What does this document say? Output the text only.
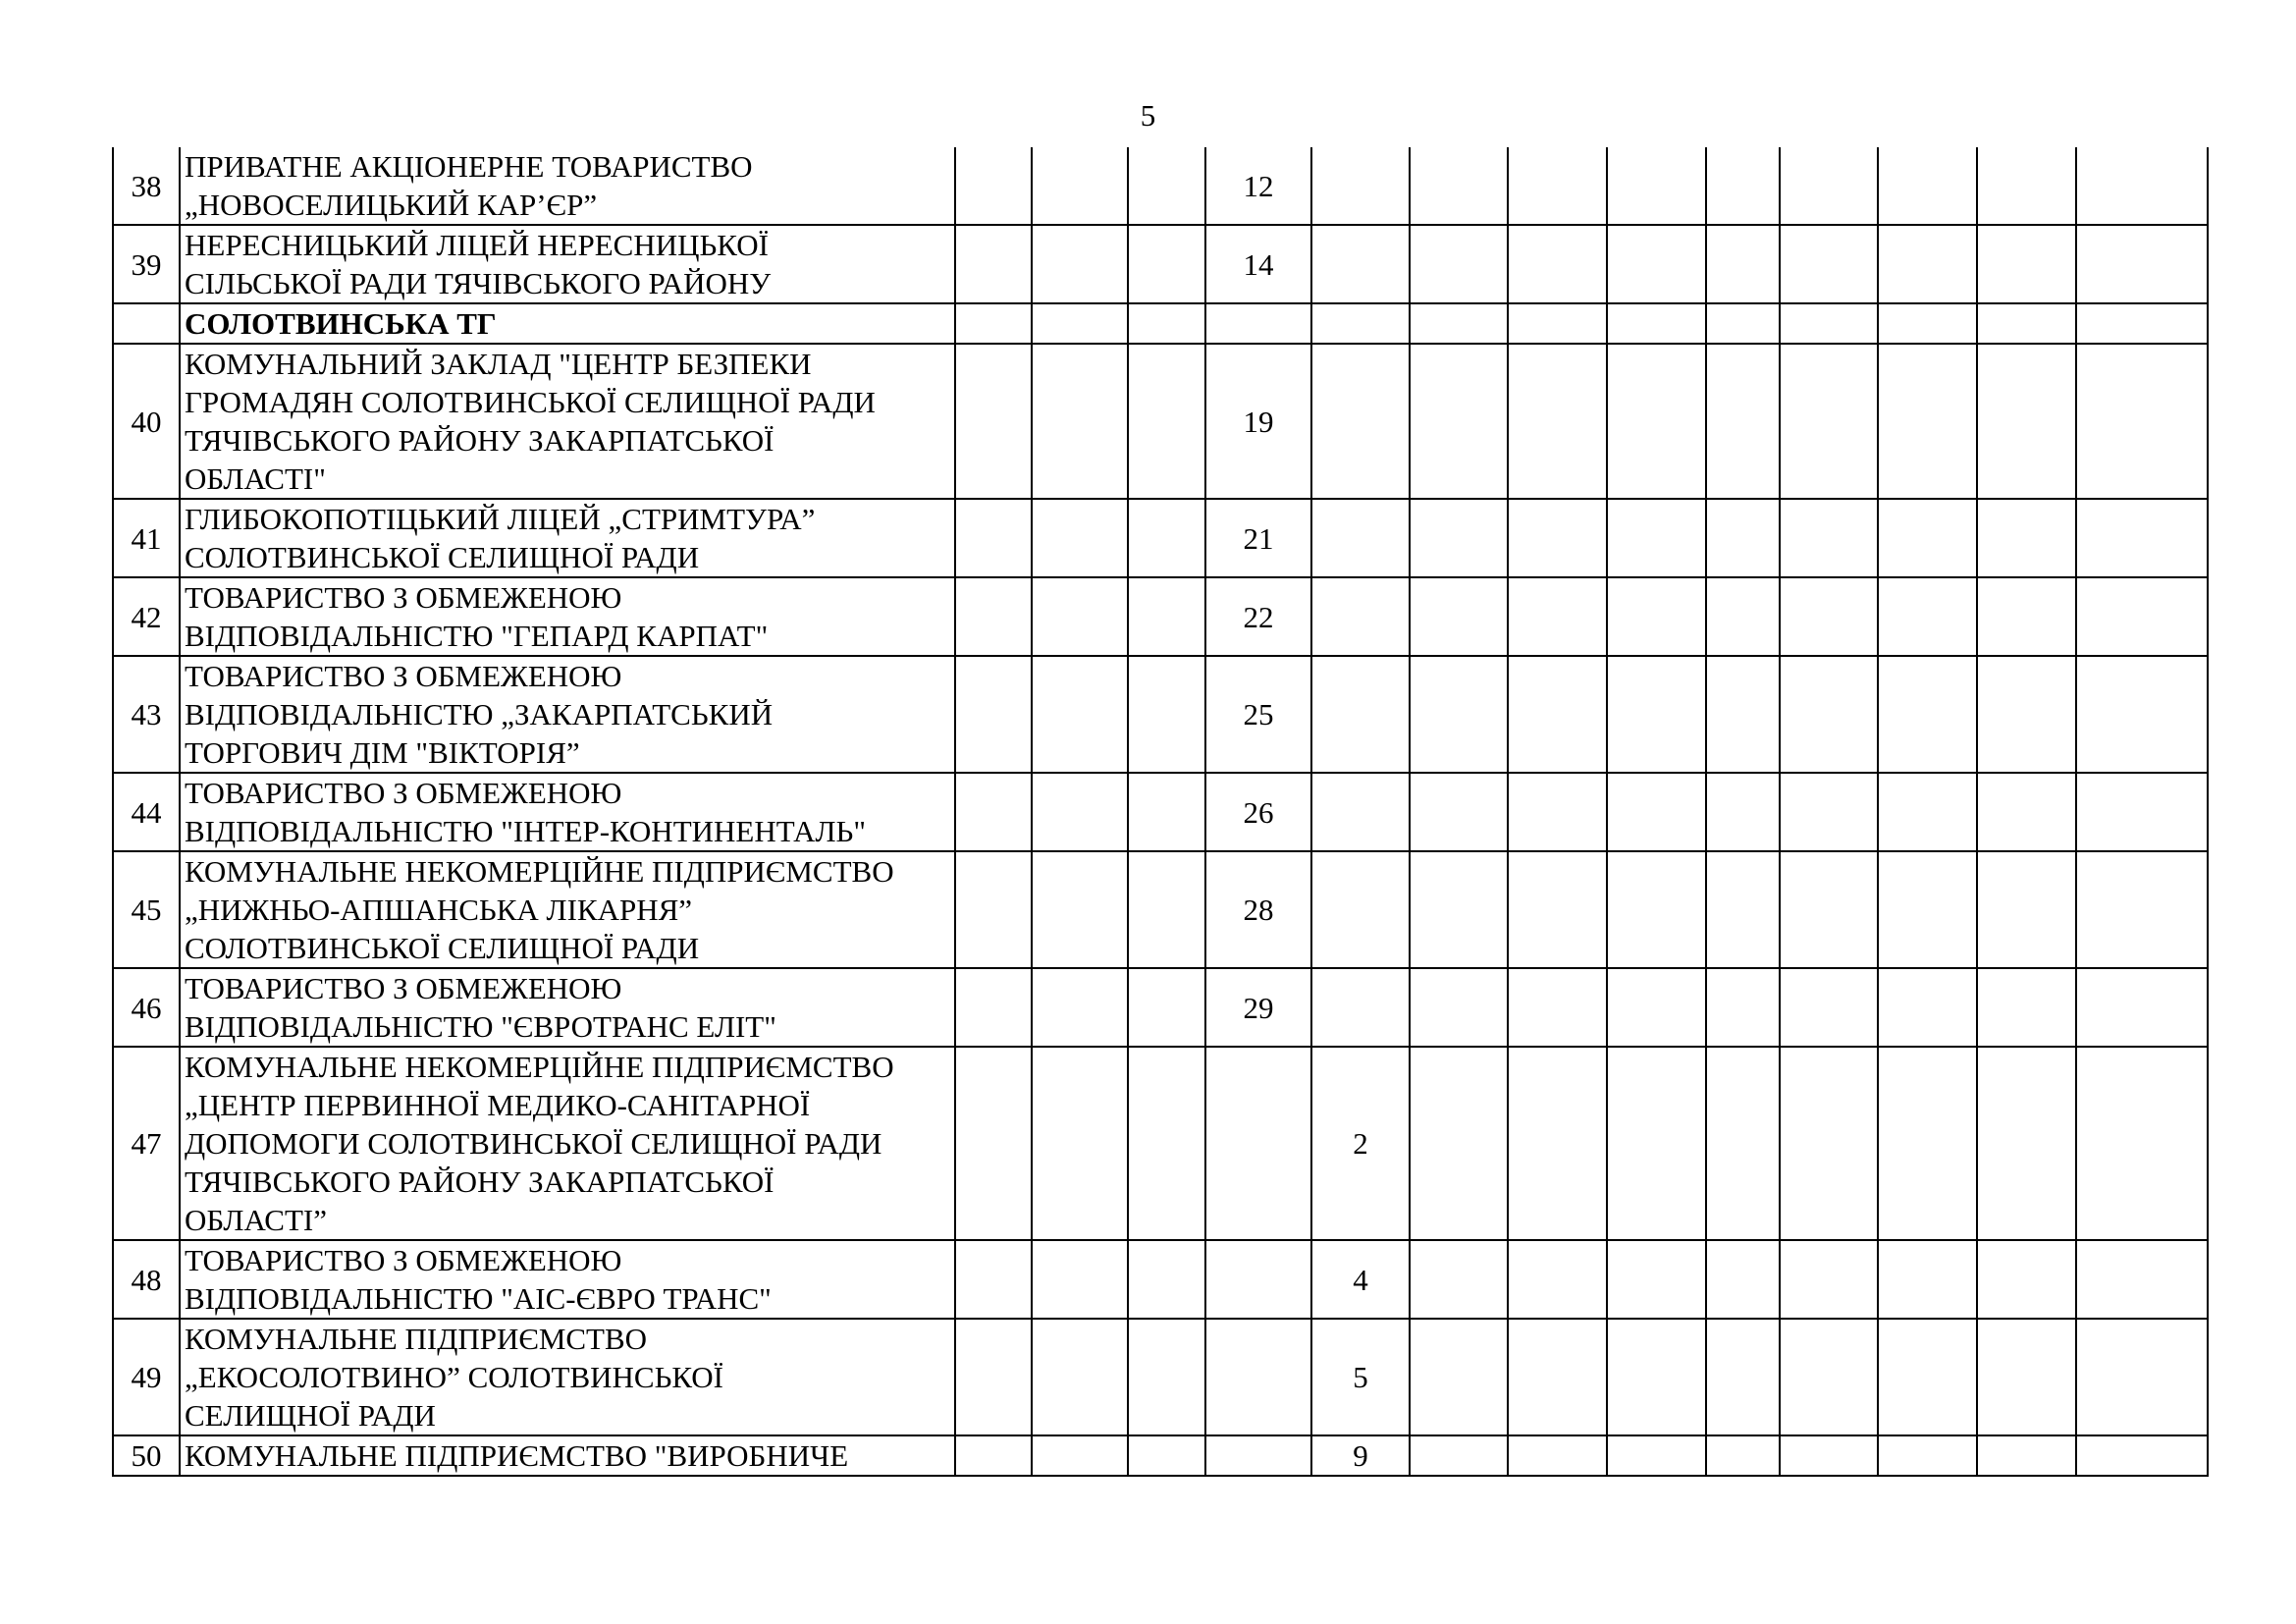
5
38	ПРИВАТНЕ АКЦІОНЕРНЕ ТОВАРИСТВО
„НОВОСЕЛИЦЬКИЙ КАР’ЄР”				12									
39	НЕРЕСНИЦЬКИЙ ЛІЦЕЙ НЕРЕСНИЦЬКОЇ
СІЛЬСЬКОЇ РАДИ ТЯЧІВСЬКОГО РАЙОНУ				14									

	СОЛОТВИНСЬКА ТГ													

40	КОМУНАЛЬНИЙ ЗАКЛАД "ЦЕНТР БЕЗПЕКИ
ГРОМАДЯН СОЛОТВИНСЬКОЇ СЕЛИЩНОЇ РАДИ
ТЯЧІВСЬКОГО РАЙОНУ ЗАКАРПАТСЬКОЇ
ОБЛАСТІ"				19									
41	ГЛИБОКОПОТІЦЬКИЙ ЛІЦЕЙ „СТРИМТУРА”
СОЛОТВИНСЬКОЇ СЕЛИЩНОЇ РАДИ				21									
42	ТОВАРИСТВО З ОБМЕЖЕНОЮ
ВІДПОВІДАЛЬНІСТЮ "ГЕПАРД КАРПАТ"				22									
43	ТОВАРИСТВО З ОБМЕЖЕНОЮ
ВІДПОВІДАЛЬНІСТЮ „ЗАКАРПАТСЬКИЙ
ТОРГОВИЧ ДІМ "ВІКТОРІЯ”				25									
44	ТОВАРИСТВО З ОБМЕЖЕНОЮ
ВІДПОВІДАЛЬНІСТЮ "ІНТЕР-КОНТИНЕНТАЛЬ"				26									
45	КОМУНАЛЬНЕ НЕКОМЕРЦІЙНЕ ПІДПРИЄМСТВО
„НИЖНЬО-АПШАНСЬКА ЛІКАРНЯ”
СОЛОТВИНСЬКОЇ СЕЛИЩНОЇ РАДИ				28									
46	ТОВАРИСТВО З ОБМЕЖЕНОЮ
ВІДПОВІДАЛЬНІСТЮ "ЄВРОТРАНС ЕЛІТ"				29									
47	КОМУНАЛЬНЕ НЕКОМЕРЦІЙНЕ ПІДПРИЄМСТВО
„ЦЕНТР ПЕРВИННОЇ МЕДИКО-САНІТАРНОЇ
ДОПОМОГИ СОЛОТВИНСЬКОЇ СЕЛИЩНОЇ РАДИ
ТЯЧІВСЬКОГО РАЙОНУ ЗАКАРПАТСЬКОЇ
ОБЛАСТІ”					2								
48	ТОВАРИСТВО З ОБМЕЖЕНОЮ
ВІДПОВІДАЛЬНІСТЮ "АІС-ЄВРО ТРАНС"					4								
49	КОМУНАЛЬНЕ ПІДПРИЄМСТВО
„ЕКОСОЛОТВИНО” СОЛОТВИНСЬКОЇ
СЕЛИЩНОЇ РАДИ					5								
50	КОМУНАЛЬНЕ ПІДПРИЄМСТВО "ВИРОБНИЧЕ					9								
